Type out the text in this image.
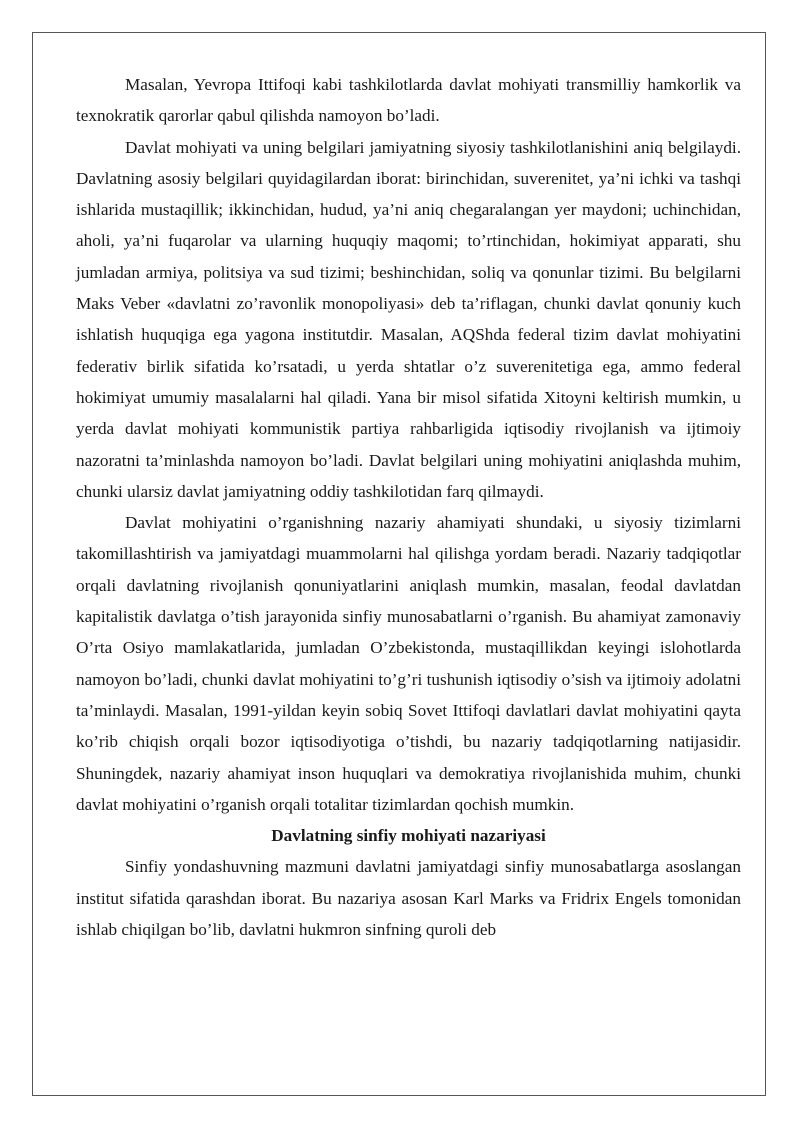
Masalan, Yevropa Ittifoqi kabi tashkilotlarda davlat mohiyati transmilliy hamkorlik va texnokratik qarorlar qabul qilishda namoyon bo’ladi.

Davlat mohiyati va uning belgilari jamiyatning siyosiy tashkilotlanishini aniq belgilaydi. Davlatning asosiy belgilari quyidagilardan iborat: birinchidan, suverenitet, ya’ni ichki va tashqi ishlarida mustaqillik; ikkinchidan, hudud, ya’ni aniq chegaralangan yer maydoni; uchinchidan, aholi, ya’ni fuqarolar va ularning huquqiy maqomi; to’rtinchidan, hokimiyat apparati, shu jumladan armiya, politsiya va sud tizimi; beshinchidan, soliq va qonunlar tizimi. Bu belgilarni Maks Veber «davlatni zo’ravonlik monopoliyasi» deb ta’riflagan, chunki davlat qonuniy kuch ishlatish huquqiga ega yagona institutdir. Masalan, AQShda federal tizim davlat mohiyatini federativ birlik sifatida ko’rsatadi, u yerda shtatlar o’z suverenitetiga ega, ammo federal hokimiyat umumiy masalalarni hal qiladi. Yana bir misol sifatida Xitoyni keltirish mumkin, u yerda davlat mohiyati kommunistik partiya rahbarligida iqtisodiy rivojlanish va ijtimoiy nazoratni ta’minlashda namoyon bo’ladi. Davlat belgilari uning mohiyatini aniqlashda muhim, chunki ularsiz davlat jamiyatning oddiy tashkilotidan farq qilmaydi.

Davlat mohiyatini o’rganishning nazariy ahamiyati shundaki, u siyosiy tizimlarni takomillashtirish va jamiyatdagi muammolarni hal qilishga yordam beradi. Nazariy tadqiqotlar orqali davlatning rivojlanish qonuniyatlarini aniqlash mumkin, masalan, feodal davlatdan kapitalistik davlatga o’tish jarayonida sinfiy munosabatlarni o’rganish. Bu ahamiyat zamonaviy O’rta Osiyo mamlakatlarida, jumladan O’zbekistonda, mustaqillikdan keyingi islohotlarda namoyon bo’ladi, chunki davlat mohiyatini to’g’ri tushunish iqtisodiy o’sish va ijtimoiy adolatni ta’minlaydi. Masalan, 1991-yildan keyin sobiq Sovet Ittifoqi davlatlari davlat mohiyatini qayta ko’rib chiqish orqali bozor iqtisodiyotiga o’tishdi, bu nazariy tadqiqotlarning natijasidir. Shuningdek, nazariy ahamiyat inson huquqlari va demokratiya rivojlanishida muhim, chunki davlat mohiyatini o’rganish orqali totalitar tizimlardan qochish mumkin.

Davlatning sinfiy mohiyati nazariyasi

Sinfiy yondashuvning mazmuni davlatni jamiyatdagi sinfiy munosabatlarga asoslangan institut sifatida qarashdan iborat. Bu nazariya asosan Karl Marks va Fridrix Engels tomonidan ishlab chiqilgan bo’lib, davlatni hukmron sinfning quroli deb
